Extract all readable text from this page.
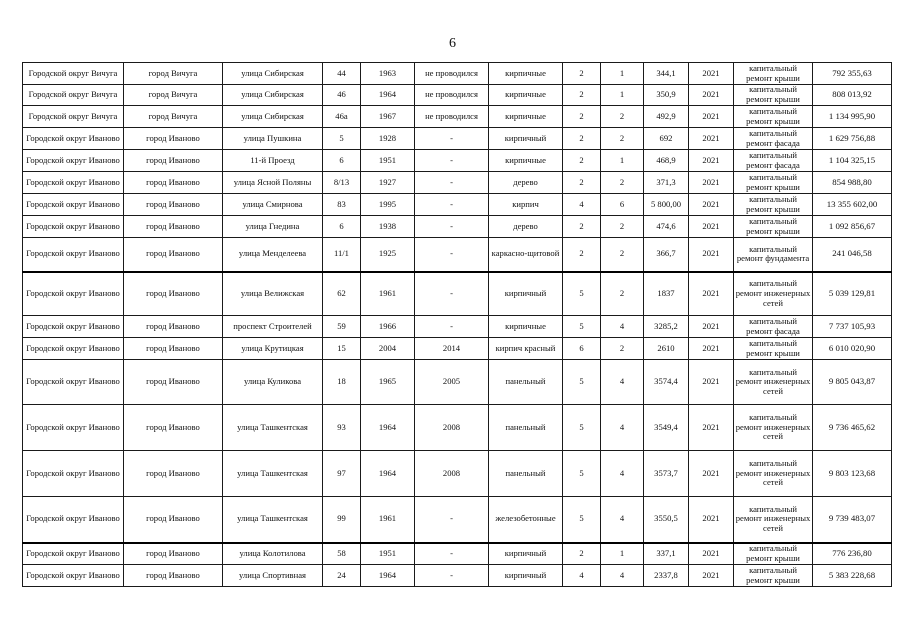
6
Городской округ Вичуга	город Вичуга	улица Сибирская	44	1963	не проводился	кирпичные	2	1	344,1	2021	капитальный ремонт крыши	792 355,63
Городской округ Вичуга	город Вичуга	улица Сибирская	46	1964	не проводился	кирпичные	2	1	350,9	2021	капитальный ремонт крыши	808 013,92
Городской округ Вичуга	город Вичуга	улица Сибирская	46а	1967	не проводился	кирпичные	2	2	492,9	2021	капитальный ремонт крыши	1 134 995,90
Городской округ Иваново	город Иваново	улица Пушкина	5	1928	-	кирпичный	2	2	692	2021	капитальный ремонт фасада	1 629 756,88
Городской округ Иваново	город Иваново	11-й Проезд	6	1951	-	кирпичные	2	1	468,9	2021	капитальный ремонт фасада	1 104 325,15
Городской округ Иваново	город Иваново	улица Ясной Поляны	8/13	1927	-	дерево	2	2	371,3	2021	капитальный ремонт крыши	854 988,80
Городской округ Иваново	город Иваново	улица Смирнова	83	1995	-	кирпич	4	6	5 800,00	2021	капитальный ремонт крыши	13 355 602,00
Городской округ Иваново	город Иваново	улица Гнедина	6	1938	-	дерево	2	2	474,6	2021	капитальный ремонт крыши	1 092 856,67
Городской округ Иваново	город Иваново	улица Менделеева	11/1	1925	-	каркасно-щитовой	2	2	366,7	2021	капитальный ремонт фундамента	241 046,58
Городской округ Иваново	город Иваново	улица Велижская	62	1961	-	кирпичный	5	2	1837	2021	капитальный ремонт инженерных сетей	5 039 129,81
Городской округ Иваново	город Иваново	проспект Строителей	59	1966	-	кирпичные	5	4	3285,2	2021	капитальный ремонт фасада	7 737 105,93
Городской округ Иваново	город Иваново	улица Крутицкая	15	2004	2014	кирпич красный	6	2	2610	2021	капитальный ремонт крыши	6 010 020,90
Городской округ Иваново	город Иваново	улица Куликова	18	1965	2005	панельный	5	4	3574,4	2021	капитальный ремонт инженерных сетей	9 805 043,87
Городской округ Иваново	город Иваново	улица Ташкентская	93	1964	2008	панельный	5	4	3549,4	2021	капитальный ремонт инженерных сетей	9 736 465,62
Городской округ Иваново	город Иваново	улица Ташкентская	97	1964	2008	панельный	5	4	3573,7	2021	капитальный ремонт инженерных сетей	9 803 123,68
Городской округ Иваново	город Иваново	улица Ташкентская	99	1961	-	железобетонные	5	4	3550,5	2021	капитальный ремонт инженерных сетей	9 739 483,07
Городской округ Иваново	город Иваново	улица Колотилова	58	1951	-	кирпичный	2	1	337,1	2021	капитальный ремонт крыши	776 236,80
Городской округ Иваново	город Иваново	улица Спортивная	24	1964	-	кирпичный	4	4	2337,8	2021	капитальный ремонт крыши	5 383 228,68
